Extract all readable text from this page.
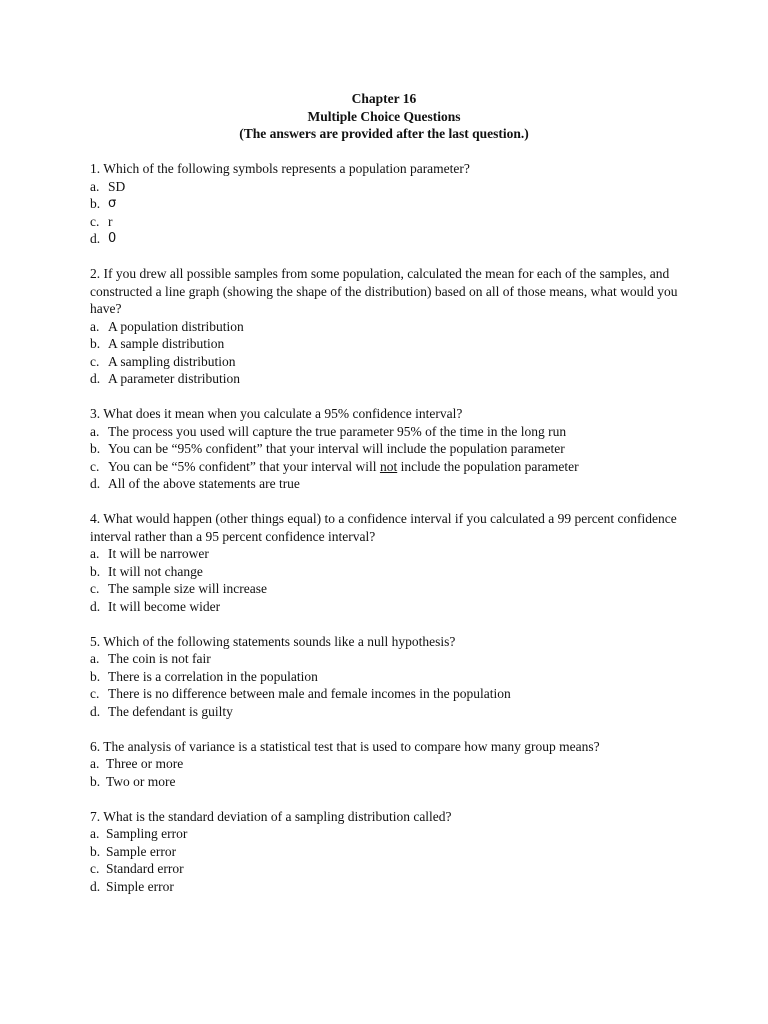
Chapter 16
Multiple Choice Questions
(The answers are provided after the last question.)
1. Which of the following symbols represents a population parameter?
a. SD
b. σ
c. r
d. 0
2. If you drew all possible samples from some population, calculated the mean for each of the samples, and constructed a line graph (showing the shape of the distribution) based on all of those means, what would you have?
a. A population distribution
b. A sample distribution
c. A sampling distribution
d. A parameter distribution
3. What does it mean when you calculate a 95% confidence interval?
a. The process you used will capture the true parameter 95% of the time in the long run
b. You can be “95% confident” that your interval will include the population parameter
c. You can be “5% confident” that your interval will not include the population parameter
d. All of the above statements are true
4. What would happen (other things equal) to a confidence interval if you calculated a 99 percent confidence interval rather than a 95 percent confidence interval?
a. It will be narrower
b. It will not change
c. The sample size will increase
d. It will become wider
5. Which of the following statements sounds like a null hypothesis?
a. The coin is not fair
b. There is a correlation in the population
c. There is no difference between male and female incomes in the population
d. The defendant is guilty
6. The analysis of variance is a statistical test that is used to compare how many group means?
a. Three or more
b. Two or more
7. What is the standard deviation of a sampling distribution called?
a. Sampling error
b. Sample error
c. Standard error
d. Simple error
